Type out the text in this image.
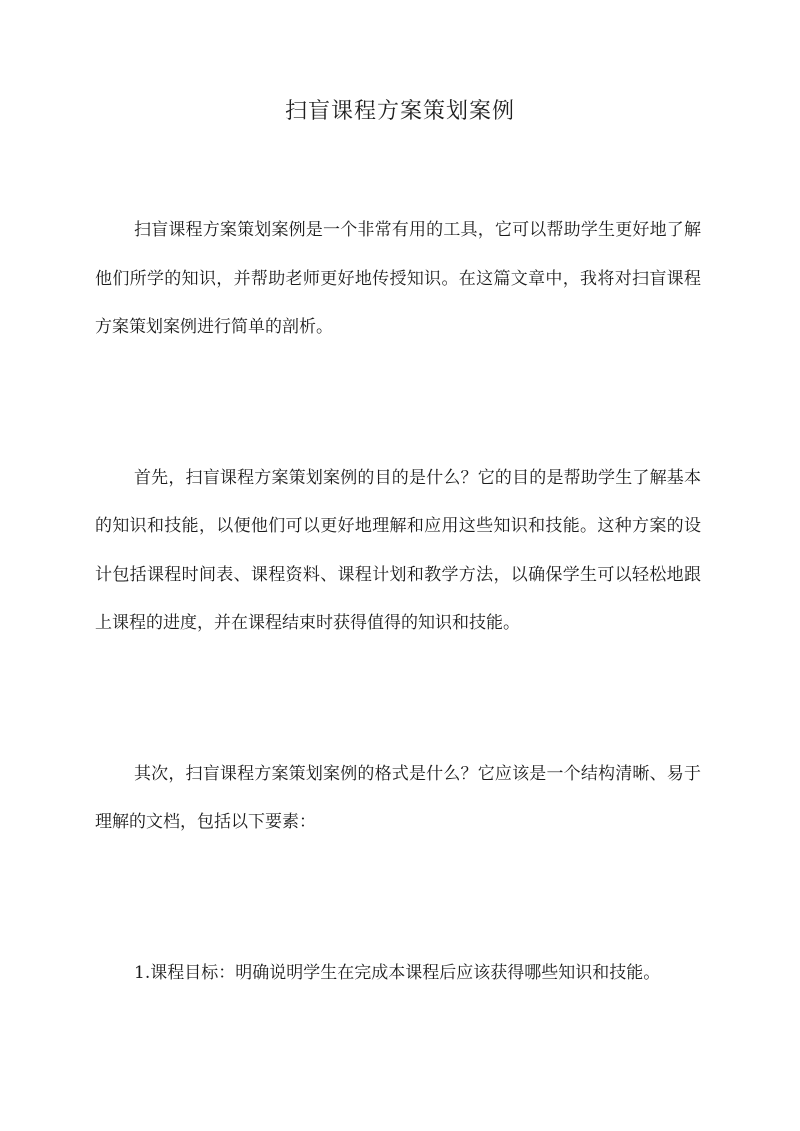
扫盲课程方案策划案例

扫盲课程方案策划案例是一个非常有用的工具，它可以帮助学生更好地了解他们所学的知识，并帮助老师更好地传授知识。在这篇文章中，我将对扫盲课程方案策划案例进行简单的剖析。

首先，扫盲课程方案策划案例的目的是什么？它的目的是帮助学生了解基本的知识和技能，以便他们可以更好地理解和应用这些知识和技能。这种方案的设计包括课程时间表、课程资料、课程计划和教学方法，以确保学生可以轻松地跟上课程的进度，并在课程结束时获得值得的知识和技能。

其次，扫盲课程方案策划案例的格式是什么？它应该是一个结构清晰、易于理解的文档，包括以下要素：

1.课程目标：明确说明学生在完成本课程后应该获得哪些知识和技能。
